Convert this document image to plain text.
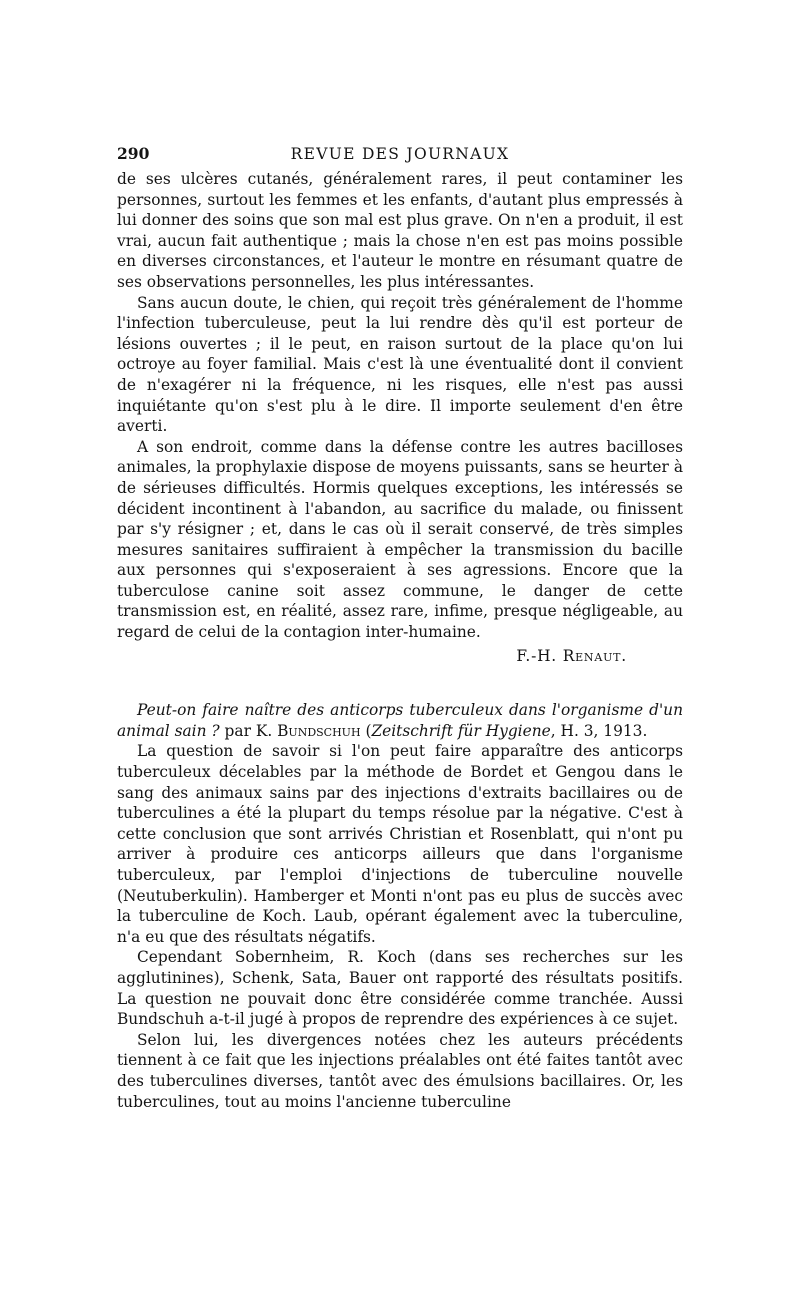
290	REVUE DES JOURNAUX

de ses ulcères cutanés, généralement rares, il peut contaminer les personnes, surtout les femmes et les enfants, d'autant plus empressés à lui donner des soins que son mal est plus grave. On n'en a produit, il est vrai, aucun fait authentique ; mais la chose n'en est pas moins possible en diverses circonstances, et l'auteur le montre en résumant quatre de ses observations personnelles, les plus intéressantes.

Sans aucun doute, le chien, qui reçoit très généralement de l'homme l'infection tuberculeuse, peut la lui rendre dès qu'il est porteur de lésions ouvertes ; il le peut, en raison surtout de la place qu'on lui octroye au foyer familial. Mais c'est là une éventualité dont il convient de n'exagérer ni la fréquence, ni les risques, elle n'est pas aussi inquiétante qu'on s'est plu à le dire. Il importe seulement d'en être averti.

A son endroit, comme dans la défense contre les autres bacilloses animales, la prophylaxie dispose de moyens puissants, sans se heurter à de sérieuses difficultés. Hormis quelques exceptions, les intéressés se décident incontinent à l'abandon, au sacrifice du malade, ou finissent par s'y résigner ; et, dans le cas où il serait conservé, de très simples mesures sanitaires suffiraient à empêcher la transmission du bacille aux personnes qui s'exposeraient à ses agressions. Encore que la tuberculose canine soit assez commune, le danger de cette transmission est, en réalité, assez rare, infime, presque négligeable, au regard de celui de la contagion inter-humaine.

F.-H. Renaut.

Peut-on faire naître des anticorps tuberculeux dans l'organisme d'un animal sain ? par K. Bundschuh (Zeitschrift für Hygiene, H. 3, 1913.

La question de savoir si l'on peut faire apparaître des anticorps tuberculeux décelables par la méthode de Bordet et Gengou dans le sang des animaux sains par des injections d'extraits bacillaires ou de tuberculines a été la plupart du temps résolue par la négative. C'est à cette conclusion que sont arrivés Christian et Rosenblatt, qui n'ont pu arriver à produire ces anticorps ailleurs que dans l'organisme tuberculeux, par l'emploi d'injections de tuberculine nouvelle (Neutuberkulin). Hamberger et Monti n'ont pas eu plus de succès avec la tuberculine de Koch. Laub, opérant également avec la tuberculine, n'a eu que des résultats négatifs.

Cependant Sobernheim, R. Koch (dans ses recherches sur les agglutinines), Schenk, Sata, Bauer ont rapporté des résultats positifs. La question ne pouvait donc être considérée comme tranchée. Aussi Bundschuh a-t-il jugé à propos de reprendre des expériences à ce sujet.

Selon lui, les divergences notées chez les auteurs précédents tiennent à ce fait que les injections préalables ont été faites tantôt avec des tuberculines diverses, tantôt avec des émulsions bacillaires. Or, les tuberculines, tout au moins l'ancienne tuberculine
